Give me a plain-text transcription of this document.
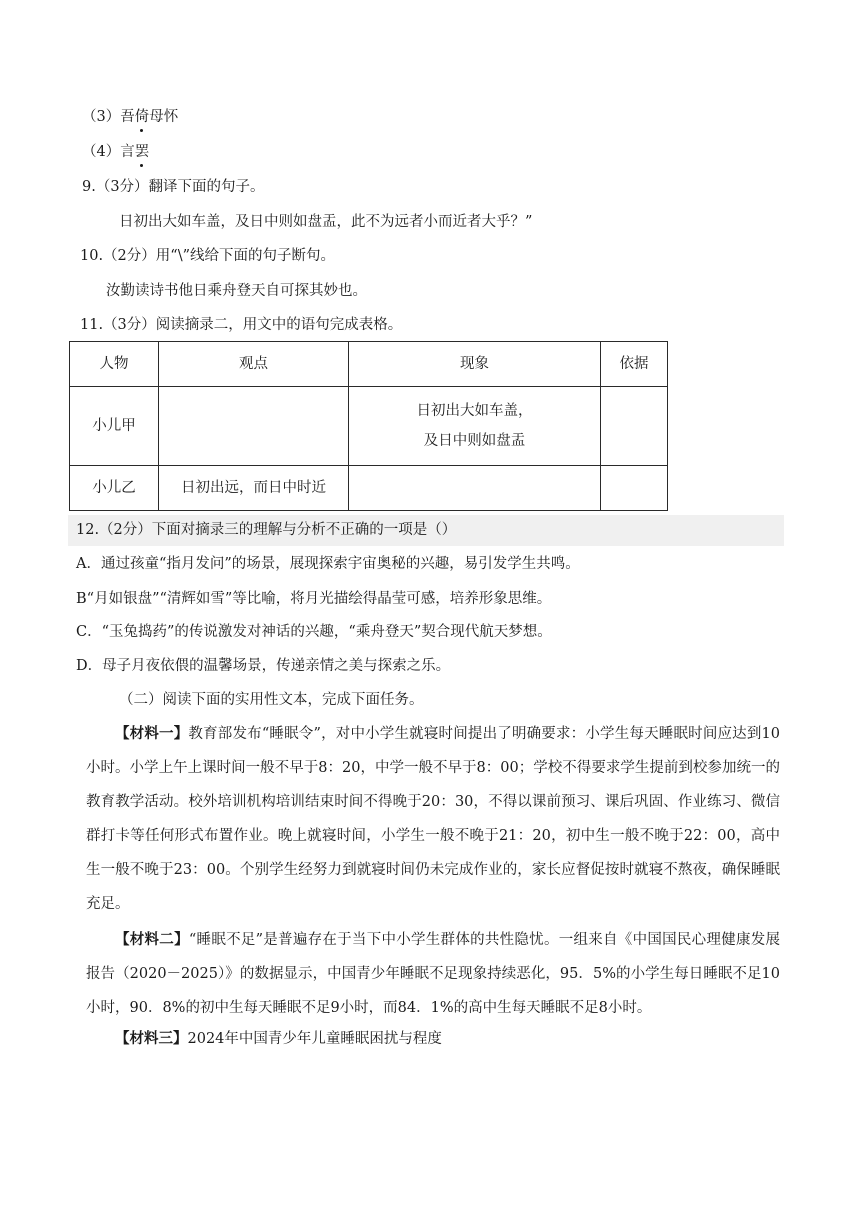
（3）吾倚母怀
（4）言罢
9.（3分）翻译下面的句子。
日初出大如车盖，及日中则如盘盂，此不为远者小而近者大乎？”
10.（2分）用“\”线给下面的句子断句。
汝勤读诗书他日乘舟登天自可探其妙也。
11.（3分）阅读摘录二，用文中的语句完成表格。
人物	观点	现象	依据
小儿甲		日初出大如车盖，
及日中则如盘盂	

小儿乙	日初出远，而日中时近		
12.（2分）下面对摘录三的理解与分析不正确的一项是（）
A．通过孩童“指月发问”的场景，展现探索宇宙奥秘的兴趣，易引发学生共鸣。
B“月如银盘”“清辉如雪”等比喻，将月光描绘得晶莹可感，培养形象思维。
C．“玉兔捣药”的传说激发对神话的兴趣，“乘舟登天”契合现代航天梦想。
D．母子月夜依偎的温馨场景，传递亲情之美与探索之乐。
（二）阅读下面的实用性文本，完成下面任务。
【材料一】教育部发布“睡眠令”，对中小学生就寝时间提出了明确要求：小学生每天睡眠时间应达到10小时。小学上午上课时间一般不早于8：20，中学一般不早于8：00；学校不得要求学生提前到校参加统一的教育教学活动。校外培训机构培训结束时间不得晚于20：30，不得以课前预习、课后巩固、作业练习、微信群打卡等任何形式布置作业。晚上就寝时间，小学生一般不晚于21：20，初中生一般不晚于22：00，高中生一般不晚于23：00。个别学生经努力到就寝时间仍未完成作业的，家长应督促按时就寝不熬夜，确保睡眠充足。
【材料二】“睡眠不足”是普遍存在于当下中小学生群体的共性隐忧。一组来自《中国国民心理健康发展报告（2020－2025）》的数据显示，中国青少年睡眠不足现象持续恶化，95．5%的小学生每日睡眠不足10小时，90．8%的初中生每天睡眠不足9小时，而84．1%的高中生每天睡眠不足8小时。
【材料三】2024年中国青少年儿童睡眠困扰与程度
